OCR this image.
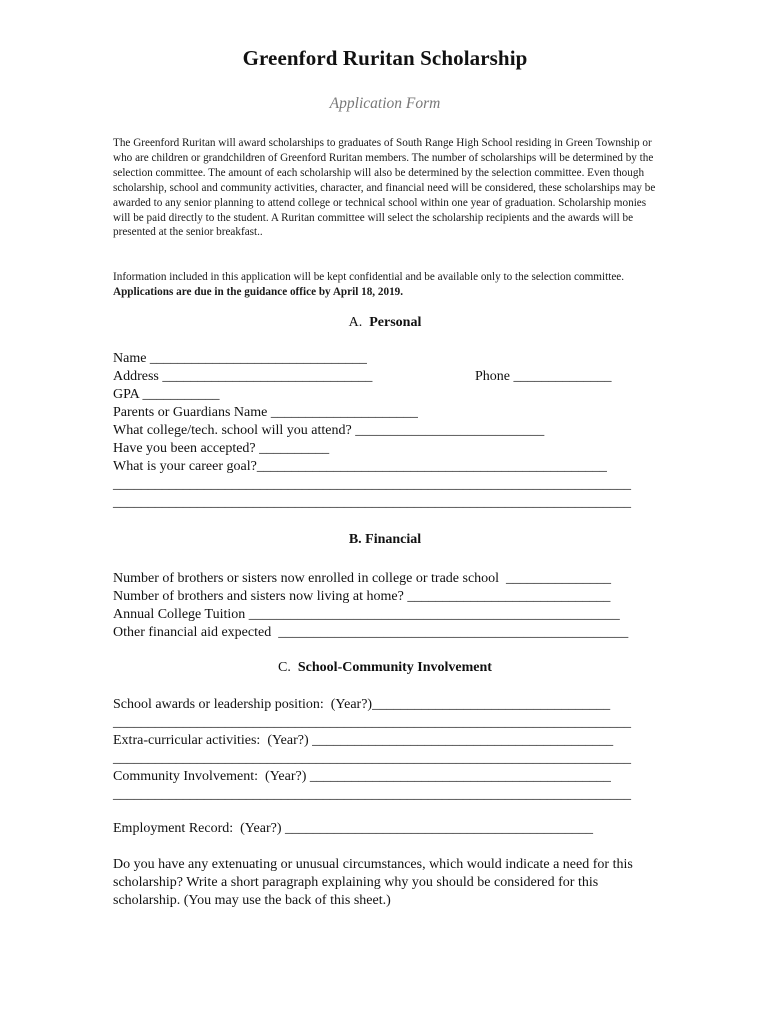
Greenford Ruritan Scholarship
Application Form

The Greenford Ruritan will award scholarships to graduates of South Range High School residing in Green Township or who are children or grandchildren of Greenford Ruritan members. The number of scholarships will be determined by the selection committee. The amount of each scholarship will also be determined by the selection committee. Even though scholarship, school and community activities, character, and financial need will be considered, these scholarships may be awarded to any senior planning to attend college or technical school within one year of graduation. Scholarship monies will be paid directly to the student. A Ruritan committee will select the scholarship recipients and the awards will be presented at the senior breakfast..

Information included in this application will be kept confidential and be available only to the selection committee. Applications are due in the guidance office by April 18, 2019.

A. Personal
Name _______________________________
Address ______________________________	Phone ______________
GPA ___________
Parents or Guardians Name _____________________
What college/tech. school will you attend? ___________________________
Have you been accepted? __________
What is your career goal?__________________________________________________
__________________________________________________________________________
__________________________________________________________________________
B. Financial
Number of brothers or sisters now enrolled in college or trade school  _______________
Number of brothers and sisters now living at home? _____________________________
Annual College Tuition _____________________________________________________
Other financial aid expected  __________________________________________________
C. School-Community Involvement
School awards or leadership position:  (Year?)__________________________________
__________________________________________________________________________
Extra-curricular activities:  (Year?) ___________________________________________
__________________________________________________________________________
Community Involvement:  (Year?) ___________________________________________
__________________________________________________________________________
Employment Record:  (Year?) ____________________________________________

Do you have any extenuating or unusual circumstances, which would indicate a need for this scholarship? Write a short paragraph explaining why you should be considered for this scholarship. (You may use the back of this sheet.)
